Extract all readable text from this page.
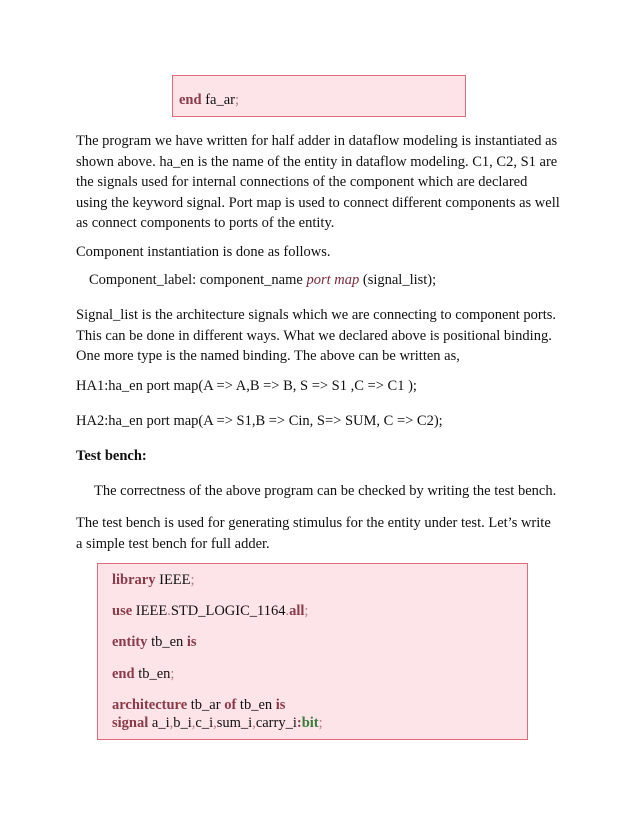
end fa_ar;
The program we have written for half adder in dataflow modeling is instantiated as
shown above. ha_en is the name of the entity in dataflow modeling. C1, C2, S1 are
the signals used for internal connections of the component which are declared
using the keyword signal. Port map is used to connect different components as well
as connect components to ports of the entity.
Component instantiation is done as follows.
Component_label: component_name port map (signal_list);
Signal_list is the architecture signals which we are connecting to component ports.
This can be done in different ways. What we declared above is positional binding.
One more type is the named binding. The above can be written as,
HA1:ha_en port map(A => A,B => B, S => S1 ,C => C1 );
HA2:ha_en port map(A => S1,B => Cin, S=> SUM, C => C2);
Test bench:
The correctness of the above program can be checked by writing the test bench.
The test bench is used for generating stimulus for the entity under test. Let’s write
a simple test bench for full adder.
library IEEE;
use IEEE.STD_LOGIC_1164.all;
entity tb_en is
end tb_en;
architecture tb_ar of tb_en is
signal a_i,b_i,c_i,sum_i,carry_i:bit;
